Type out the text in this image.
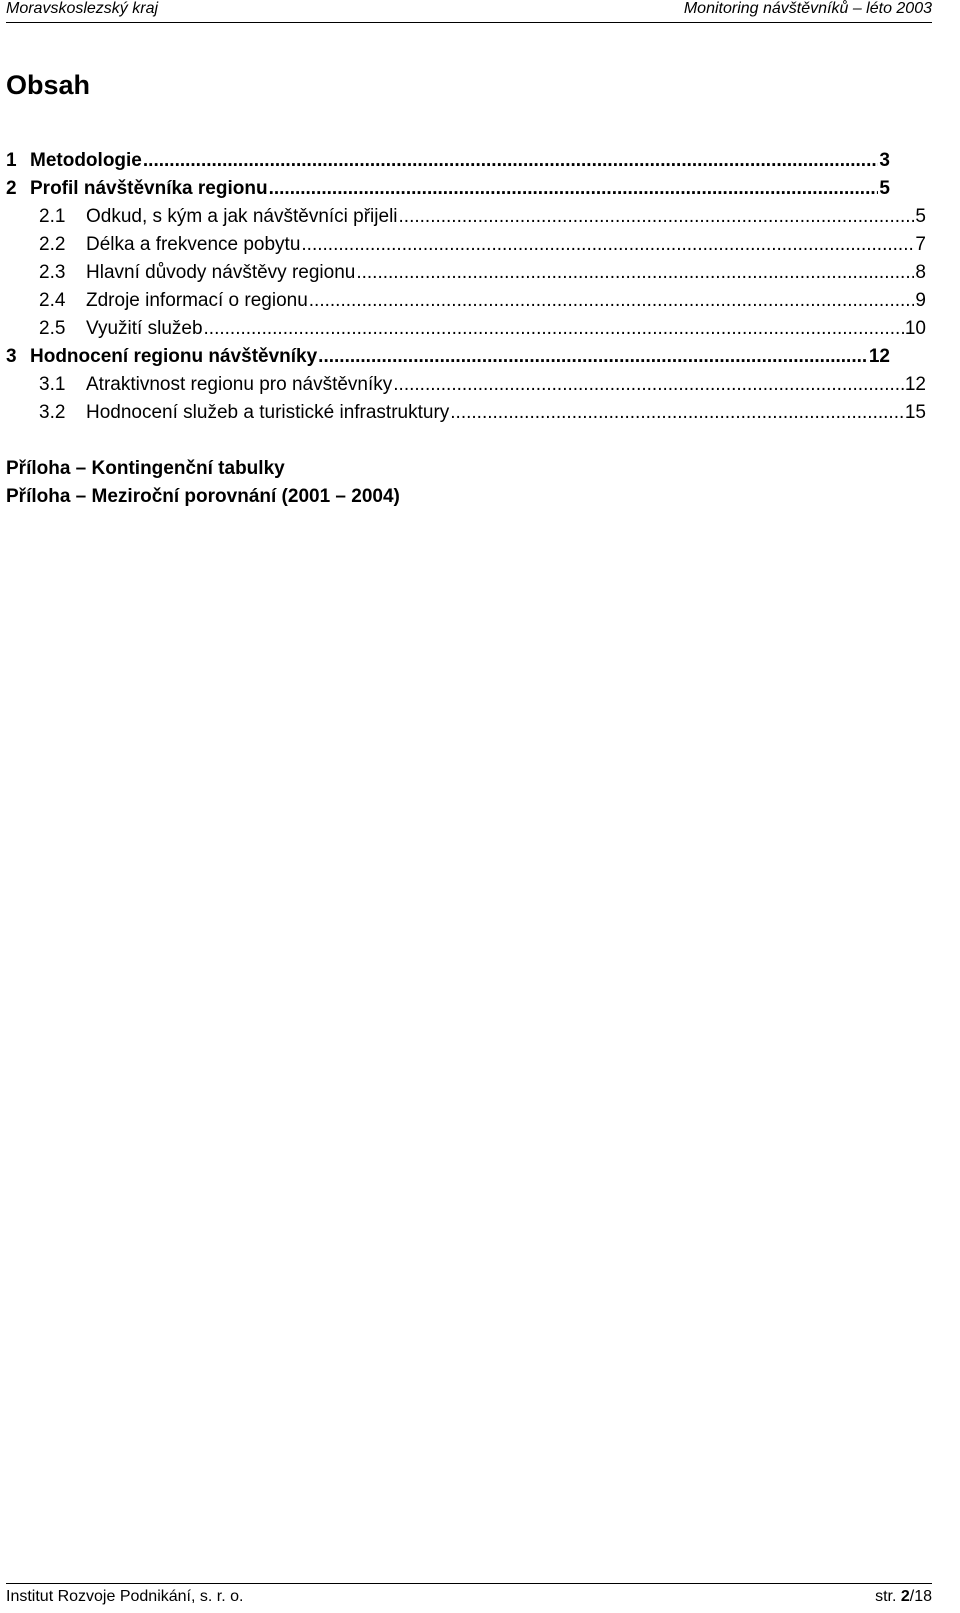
Moravskoslezský kraj	Monitoring návštěvníků – léto 2003
Obsah
1 Metodologie .....	3
2 Profil návštěvníka regionu .....	5
2.1	Odkud, s kým a jak návštěvníci přijeli .....	5
2.2	Délka a frekvence pobytu .....	7
2.3	Hlavní důvody návštěvy regionu .....	8
2.4	Zdroje informací o regionu .....	9
2.5	Využití služeb .....	10
3 Hodnocení regionu návštěvníky .....	12
3.1	Atraktivnost regionu pro návštěvníky .....	12
3.2	Hodnocení služeb a turistické infrastruktury .....	15
Příloha – Kontingenční tabulky
Příloha – Meziroční porovnání (2001 – 2004)
Institut Rozvoje Podnikání, s. r. o.	str. 2/18
